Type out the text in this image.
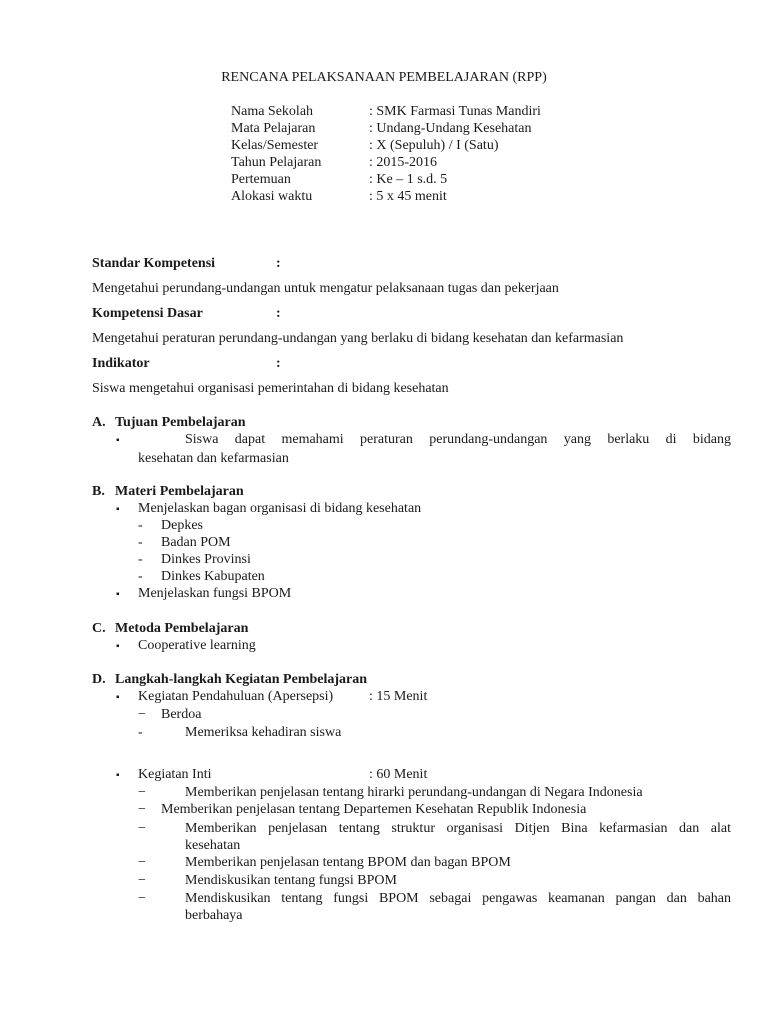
RENCANA PELAKSANAAN PEMBELAJARAN (RPP)
Nama Sekolah	: SMK Farmasi Tunas Mandiri
Mata Pelajaran	: Undang-Undang Kesehatan
Kelas/Semester	: X (Sepuluh) / I (Satu)
Tahun Pelajaran	: 2015-2016
Pertemuan	: Ke – 1 s.d. 5
Alokasi waktu	: 5 x 45 menit
Standar Kompetensi	:
Mengetahui perundang-undangan untuk mengatur pelaksanaan tugas dan pekerjaan
Kompetensi Dasar	:
Mengetahui peraturan perundang-undangan yang berlaku di bidang kesehatan dan kefarmasian
Indikator	:
Siswa mengetahui organisasi pemerintahan di bidang kesehatan
A. Tujuan Pembelajaran
▪	Siswa dapat memahami peraturan perundang-undangan yang berlaku di bidang
kesehatan dan kefarmasian
B. Materi Pembelajaran
▪ Menjelaskan bagan organisasi di bidang kesehatan
- Depkes
- Badan POM
- Dinkes Provinsi
- Dinkes Kabupaten
▪ Menjelaskan fungsi BPOM
C. Metoda Pembelajaran
▪ Cooperative learning
D. Langkah-langkah Kegiatan Pembelajaran
▪ Kegiatan Pendahuluan (Apersepsi)	: 15 Menit
− Berdoa
-	Memeriksa kehadiran siswa
▪ Kegiatan Inti	: 60 Menit
−	Memberikan penjelasan tentang hirarki perundang-undangan di Negara Indonesia
− Memberikan penjelasan tentang Departemen Kesehatan Republik Indonesia
−	Memberikan penjelasan tentang struktur organisasi Ditjen Bina kefarmasian dan alat
kesehatan
−	Memberikan penjelasan tentang BPOM dan bagan BPOM
−	Mendiskusikan tentang fungsi BPOM
−	Mendiskusikan tentang fungsi BPOM sebagai pengawas keamanan pangan dan bahan
berbahaya
